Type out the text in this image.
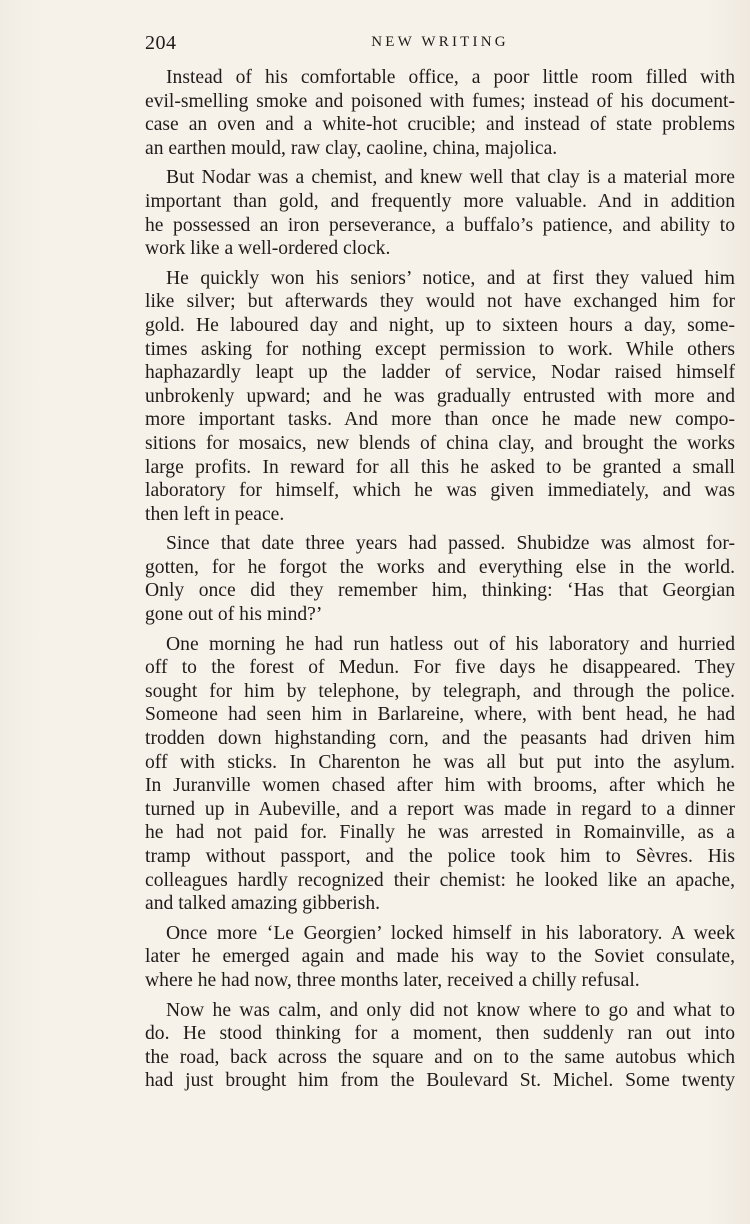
204	NEW WRITING
Instead of his comfortable office, a poor little room filled with
evil-smelling smoke and poisoned with fumes; instead of his document-
case an oven and a white-hot crucible; and instead of state problems
an earthen mould, raw clay, caoline, china, majolica.
But Nodar was a chemist, and knew well that clay is a material more
important than gold, and frequently more valuable. And in addition
he possessed an iron perseverance, a buffalo’s patience, and ability to
work like a well-ordered clock.
He quickly won his seniors’ notice, and at first they valued him
like silver; but afterwards they would not have exchanged him for
gold. He laboured day and night, up to sixteen hours a day, some-
times asking for nothing except permission to work. While others
haphazardly leapt up the ladder of service, Nodar raised himself
unbrokenly upward; and he was gradually entrusted with more and
more important tasks. And more than once he made new compo-
sitions for mosaics, new blends of china clay, and brought the works
large profits. In reward for all this he asked to be granted a small
laboratory for himself, which he was given immediately, and was
then left in peace.
Since that date three years had passed. Shubidze was almost for-
gotten, for he forgot the works and everything else in the world.
Only once did they remember him, thinking: ‘Has that Georgian
gone out of his mind?’
One morning he had run hatless out of his laboratory and hurried
off to the forest of Medun. For five days he disappeared. They
sought for him by telephone, by telegraph, and through the police.
Someone had seen him in Barlareine, where, with bent head, he had
trodden down highstanding corn, and the peasants had driven him
off with sticks. In Charenton he was all but put into the asylum.
In Juranville women chased after him with brooms, after which he
turned up in Aubeville, and a report was made in regard to a dinner
he had not paid for. Finally he was arrested in Romainville, as a
tramp without passport, and the police took him to Sèvres. His
colleagues hardly recognized their chemist: he looked like an apache,
and talked amazing gibberish.
Once more ‘Le Georgien’ locked himself in his laboratory. A week
later he emerged again and made his way to the Soviet consulate,
where he had now, three months later, received a chilly refusal.
Now he was calm, and only did not know where to go and what to
do. He stood thinking for a moment, then suddenly ran out into
the road, back across the square and on to the same autobus which
had just brought him from the Boulevard St. Michel. Some twenty
